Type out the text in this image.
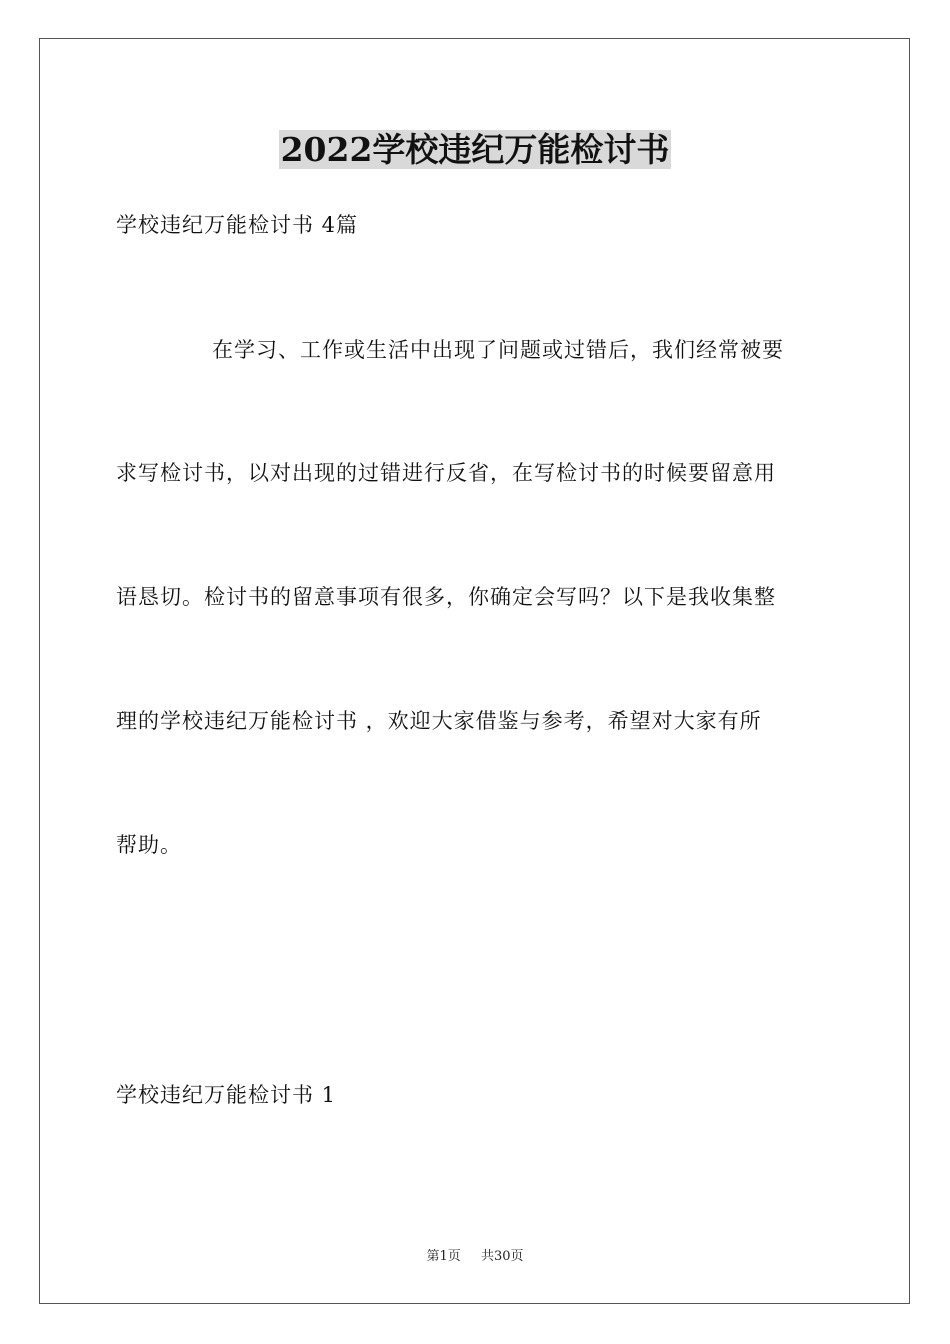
2022学校违纪万能检讨书
学校违纪万能检讨书 4篇
在学习、工作或生活中出现了问题或过错后，我们经常被要
求写检讨书，以对出现的过错进行反省，在写检讨书的时候要留意用
语恳切。检讨书的留意事项有很多，你确定会写吗？以下是我收集整
理的学校违纪万能检讨书 ，欢迎大家借鉴与参考，希望对大家有所
帮助。
学校违纪万能检讨书 1
第1页 共30页
